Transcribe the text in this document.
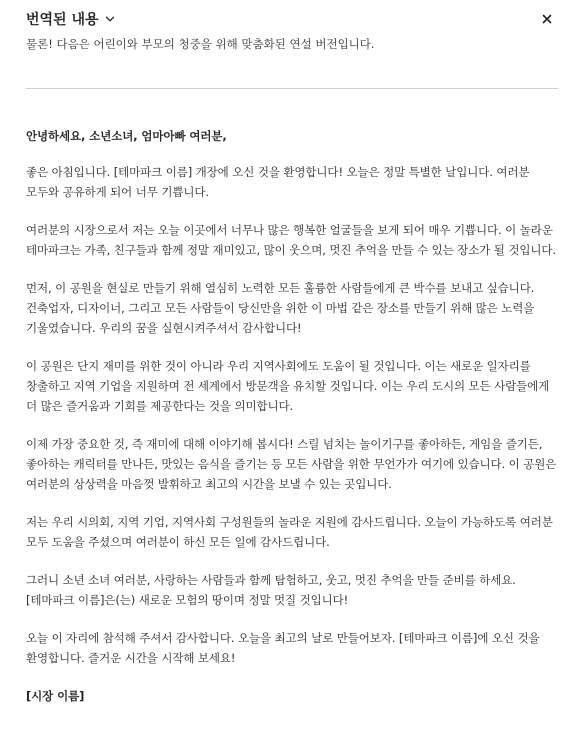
번역된 내용
물론! 다음은 어린이와 부모의 청중을 위해 맞춤화된 연설 버전입니다.

안녕하세요, 소년소녀, 엄마아빠 여러분,

좋은 아침입니다. [테마파크 이름] 개장에 오신 것을 환영합니다! 오늘은 정말 특별한 날입니다. 여러분 모두와 공유하게 되어 너무 기쁩니다.

여러분의 시장으로서 저는 오늘 이곳에서 너무나 많은 행복한 얼굴들을 보게 되어 매우 기쁩니다. 이 놀라운 테마파크는 가족, 친구들과 함께 정말 재미있고, 많이 웃으며, 멋진 추억을 만들 수 있는 장소가 될 것입니다.

먼저, 이 공원을 현실로 만들기 위해 열심히 노력한 모든 훌륭한 사람들에게 큰 박수를 보내고 싶습니다. 건축업자, 디자이너, 그리고 모든 사람들이 당신만을 위한 이 마법 같은 장소를 만들기 위해 많은 노력을 기울였습니다. 우리의 꿈을 실현시켜주셔서 감사합니다!

이 공원은 단지 재미를 위한 것이 아니라 우리 지역사회에도 도움이 될 것입니다. 이는 새로운 일자리를 창출하고 지역 기업을 지원하며 전 세계에서 방문객을 유치할 것입니다. 이는 우리 도시의 모든 사람들에게 더 많은 즐거움과 기회를 제공한다는 것을 의미합니다.

이제 가장 중요한 것, 즉 재미에 대해 이야기해 봅시다! 스릴 넘치는 놀이기구를 좋아하든, 게임을 즐기든, 좋아하는 캐릭터를 만나든, 맛있는 음식을 즐기는 등 모든 사람을 위한 무언가가 여기에 있습니다. 이 공원은 여러분의 상상력을 마음껏 발휘하고 최고의 시간을 보낼 수 있는 곳입니다.

저는 우리 시의회, 지역 기업, 지역사회 구성원들의 놀라운 지원에 감사드립니다. 오늘이 가능하도록 여러분 모두 도움을 주셨으며 여러분이 하신 모든 일에 감사드립니다.

그러니 소년 소녀 여러분, 사랑하는 사람들과 함께 탐험하고, 웃고, 멋진 추억을 만들 준비를 하세요. [테마파크 이름]은(는) 새로운 모험의 땅이며 정말 멋질 것입니다!

오늘 이 자리에 참석해 주셔서 감사합니다. 오늘을 최고의 날로 만들어보자. [테마파크 이름]에 오신 것을 환영합니다. 즐거운 시간을 시작해 보세요!

[시장 이름]
